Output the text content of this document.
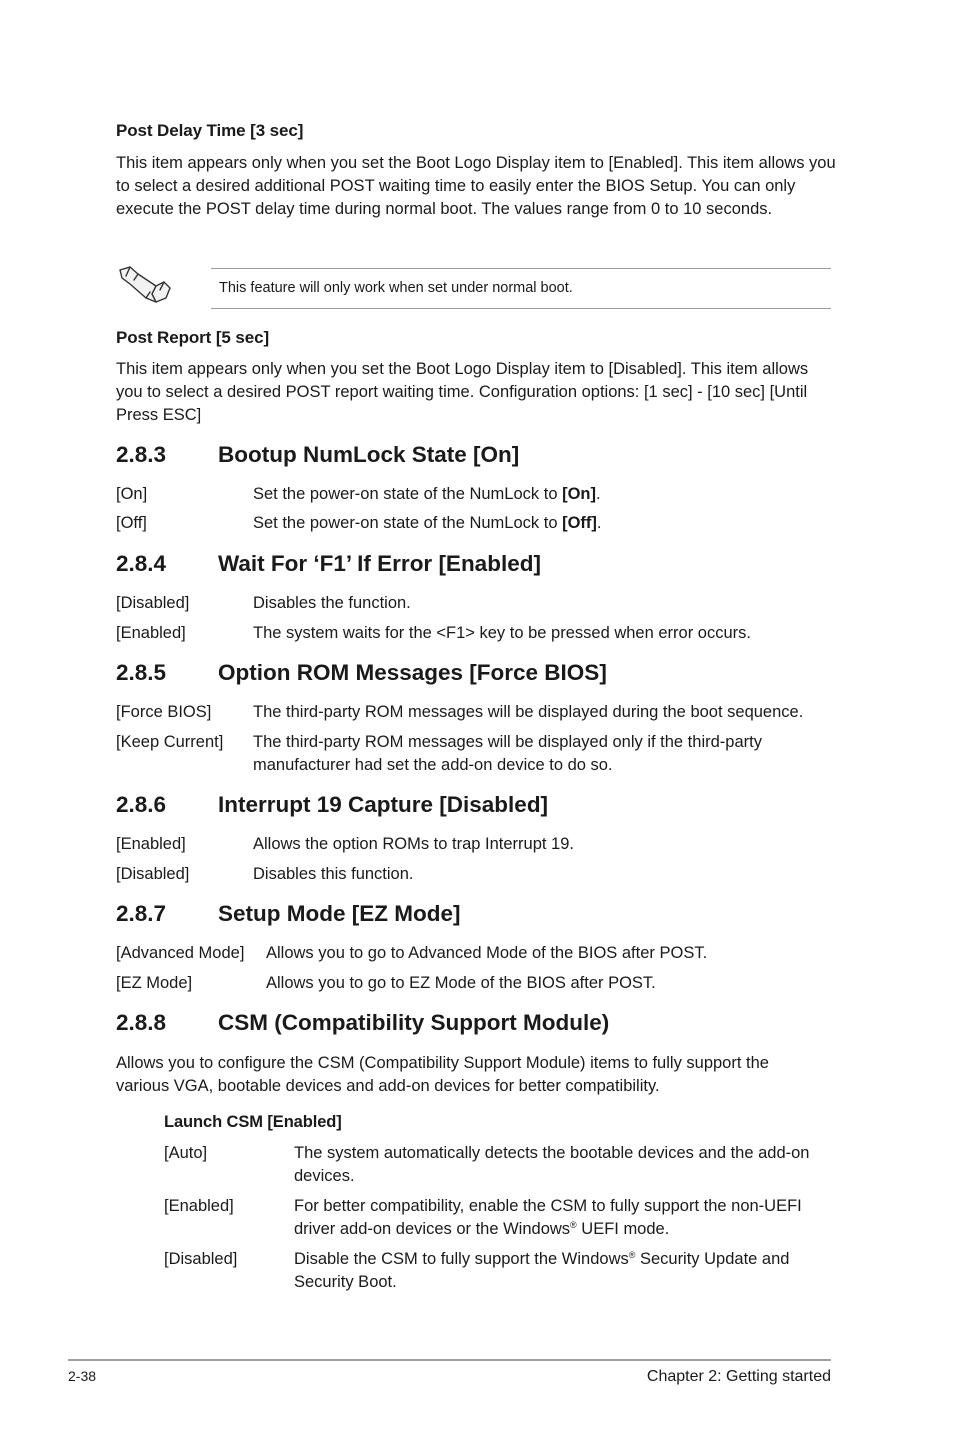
Post Delay Time [3 sec]
This item appears only when you set the Boot Logo Display item to [Enabled]. This item allows you to select a desired additional POST waiting time to easily enter the BIOS Setup. You can only execute the POST delay time during normal boot. The values range from 0 to 10 seconds.
This feature will only work when set under normal boot.
Post Report [5 sec]
This item appears only when you set the Boot Logo Display item to [Disabled]. This item allows you to select a desired POST report waiting time. Configuration options: [1 sec] - [10 sec] [Until Press ESC]
2.8.3 Bootup NumLock State [On]
[On]	Set the power-on state of the NumLock to [On].
[Off]	Set the power-on state of the NumLock to [Off].
2.8.4 Wait For ‘F1’ If Error [Enabled]
[Disabled]	Disables the function.
[Enabled]	The system waits for the <F1> key to be pressed when error occurs.
2.8.5 Option ROM Messages [Force BIOS]
[Force BIOS]	The third-party ROM messages will be displayed during the boot sequence.
[Keep Current] The third-party ROM messages will be displayed only if the third-party manufacturer had set the add-on device to do so.
2.8.6 Interrupt 19 Capture [Disabled]
[Enabled]	Allows the option ROMs to trap Interrupt 19.
[Disabled]	Disables this function.
2.8.7 Setup Mode [EZ Mode]
[Advanced Mode] Allows you to go to Advanced Mode of the BIOS after POST.
[EZ Mode]	Allows you to go to EZ Mode of the BIOS after POST.
2.8.8 CSM (Compatibility Support Module)
Allows you to configure the CSM (Compatibility Support Module) items to fully support the various VGA, bootable devices and add-on devices for better compatibility.
Launch CSM [Enabled]
[Auto]	The system automatically detects the bootable devices and the add-on devices.
[Enabled]	For better compatibility, enable the CSM to fully support the non-UEFI driver add-on devices or the Windows® UEFI mode.
[Disabled]	Disable the CSM to fully support the Windows® Security Update and Security Boot.
2-38	Chapter 2: Getting started
